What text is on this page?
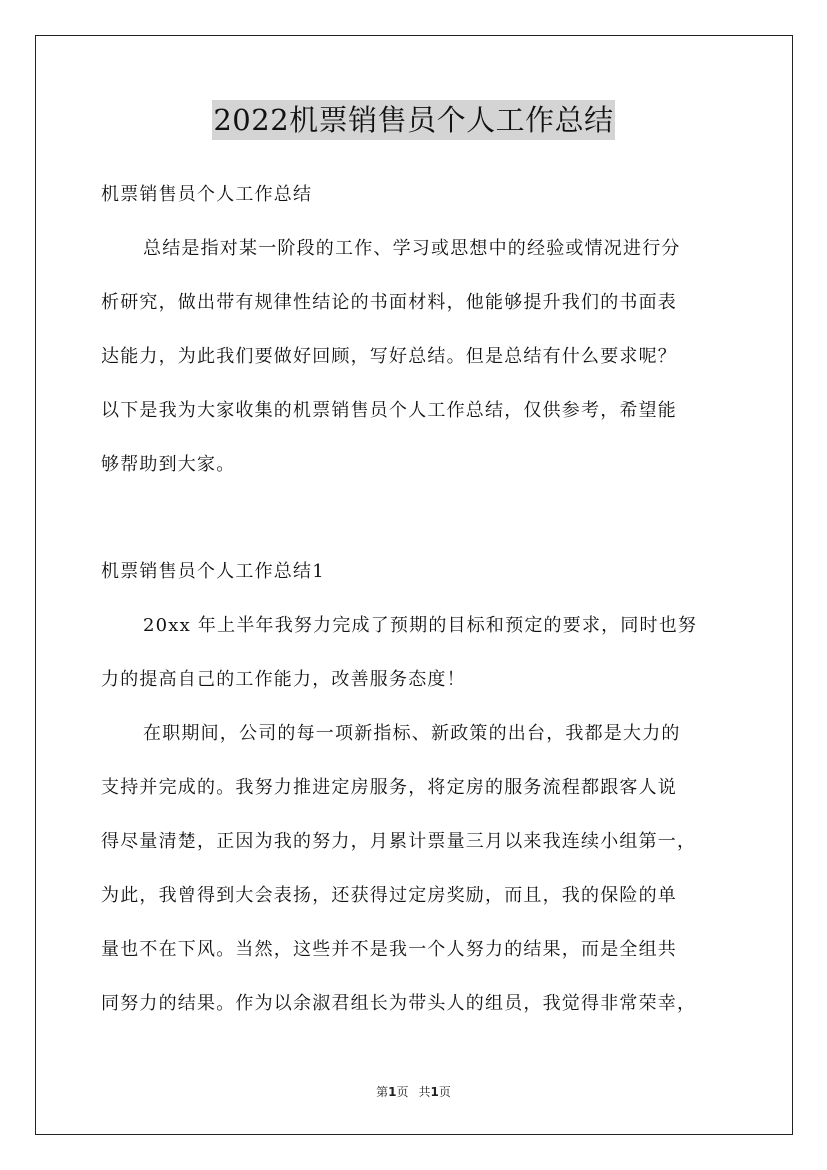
2022机票销售员个人工作总结
机票销售员个人工作总结
总结是指对某一阶段的工作、学习或思想中的经验或情况进行分
析研究，做出带有规律性结论的书面材料，他能够提升我们的书面表
达能力，为此我们要做好回顾，写好总结。但是总结有什么要求呢？
以下是我为大家收集的机票销售员个人工作总结，仅供参考，希望能
够帮助到大家。
机票销售员个人工作总结1
20xx 年上半年我努力完成了预期的目标和预定的要求，同时也努
力的提高自己的工作能力，改善服务态度！
在职期间，公司的每一项新指标、新政策的出台，我都是大力的
支持并完成的。我努力推进定房服务，将定房的服务流程都跟客人说
得尽量清楚，正因为我的努力，月累计票量三月以来我连续小组第一，
为此，我曾得到大会表扬，还获得过定房奖励，而且，我的保险的单
量也不在下风。当然，这些并不是我一个人努力的结果，而是全组共
同努力的结果。作为以余淑君组长为带头人的组员，我觉得非常荣幸，
第1页 共1页
